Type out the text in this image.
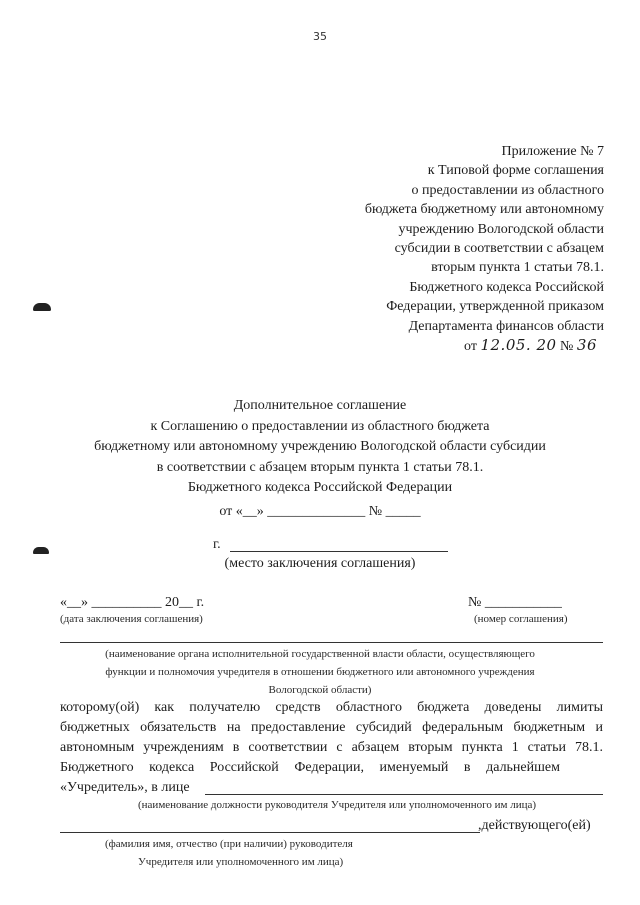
35
Приложение № 7
к Типовой форме соглашения
о предоставлении из областного
бюджета бюджетному или автономному
учреждению Вологодской области
субсидии в соответствии с абзацем
вторым пункта 1 статьи 78.1.
Бюджетного кодекса Российской
Федерации, утвержденной приказом
Департамента финансов области
от 12.05. 20 № 36
Дополнительное соглашение
к Соглашению о предоставлении из областного бюджета
бюджетному или автономному учреждению Вологодской области субсидии
в соответствии с абзацем вторым пункта 1 статьи 78.1.
Бюджетного кодекса Российской Федерации
от «__» ______________ № _____
г.
(место заключения соглашения)
«__» __________ 20__ г.
(дата заключения соглашения)
№ ___________
(номер соглашения)
(наименование органа исполнительной государственной власти области, осуществляющего
функции и полномочия учредителя в отношении бюджетного или автономного учреждения
Вологодской области)
которому(ой) как получателю средств областного бюджета доведены лимиты
бюджетных обязательств на предоставление субсидий федеральным бюджетным и
автономным учреждениям в соответствии с абзацем вторым пункта 1 статьи 78.1.
Бюджетного кодекса Российской Федерации, именуемый в дальнейшем
«Учредитель», в лице
(наименование должности руководителя Учредителя или уполномоченного им лица)
,действующего(ей)
(фамилия имя, отчество (при наличии) руководителя
Учредителя или уполномоченного им лица)
